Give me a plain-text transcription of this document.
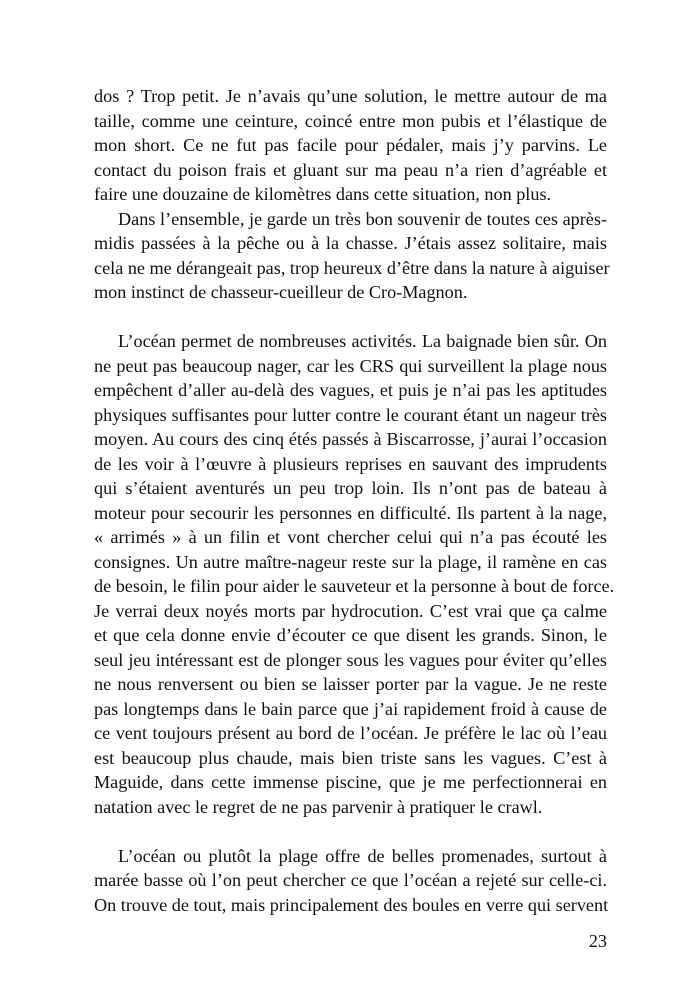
dos ? Trop petit. Je n’avais qu’une solution, le mettre autour de ma
taille, comme une ceinture, coincé entre mon pubis et l’élastique de
mon short. Ce ne fut pas facile pour pédaler, mais j’y parvins. Le
contact du poison frais et gluant sur ma peau n’a rien d’agréable et
faire une douzaine de kilomètres dans cette situation, non plus.
Dans l’ensemble, je garde un très bon souvenir de toutes ces après-
midis passées à la pêche ou à la chasse. J’étais assez solitaire, mais
cela ne me dérangeait pas, trop heureux d’être dans la nature à aiguiser
mon instinct de chasseur-cueilleur de Cro-Magnon.
L’océan permet de nombreuses activités. La baignade bien sûr. On
ne peut pas beaucoup nager, car les CRS qui surveillent la plage nous
empêchent d’aller au-delà des vagues, et puis je n’ai pas les aptitudes
physiques suffisantes pour lutter contre le courant étant un nageur très
moyen. Au cours des cinq étés passés à Biscarrosse, j’aurai l’occasion
de les voir à l’œuvre à plusieurs reprises en sauvant des imprudents
qui s’étaient aventurés un peu trop loin. Ils n’ont pas de bateau à
moteur pour secourir les personnes en difficulté. Ils partent à la nage,
« arrimés » à un filin et vont chercher celui qui n’a pas écouté les
consignes. Un autre maître-nageur reste sur la plage, il ramène en cas
de besoin, le filin pour aider le sauveteur et la personne à bout de force.
Je verrai deux noyés morts par hydrocution. C’est vrai que ça calme
et que cela donne envie d’écouter ce que disent les grands. Sinon, le
seul jeu intéressant est de plonger sous les vagues pour éviter qu’elles
ne nous renversent ou bien se laisser porter par la vague. Je ne reste
pas longtemps dans le bain parce que j’ai rapidement froid à cause de
ce vent toujours présent au bord de l’océan. Je préfère le lac où l’eau
est beaucoup plus chaude, mais bien triste sans les vagues. C’est à
Maguide, dans cette immense piscine, que je me perfectionnerai en
natation avec le regret de ne pas parvenir à pratiquer le crawl.
L’océan ou plutôt la plage offre de belles promenades, surtout à
marée basse où l’on peut chercher ce que l’océan a rejeté sur celle-ci.
On trouve de tout, mais principalement des boules en verre qui servent
23
